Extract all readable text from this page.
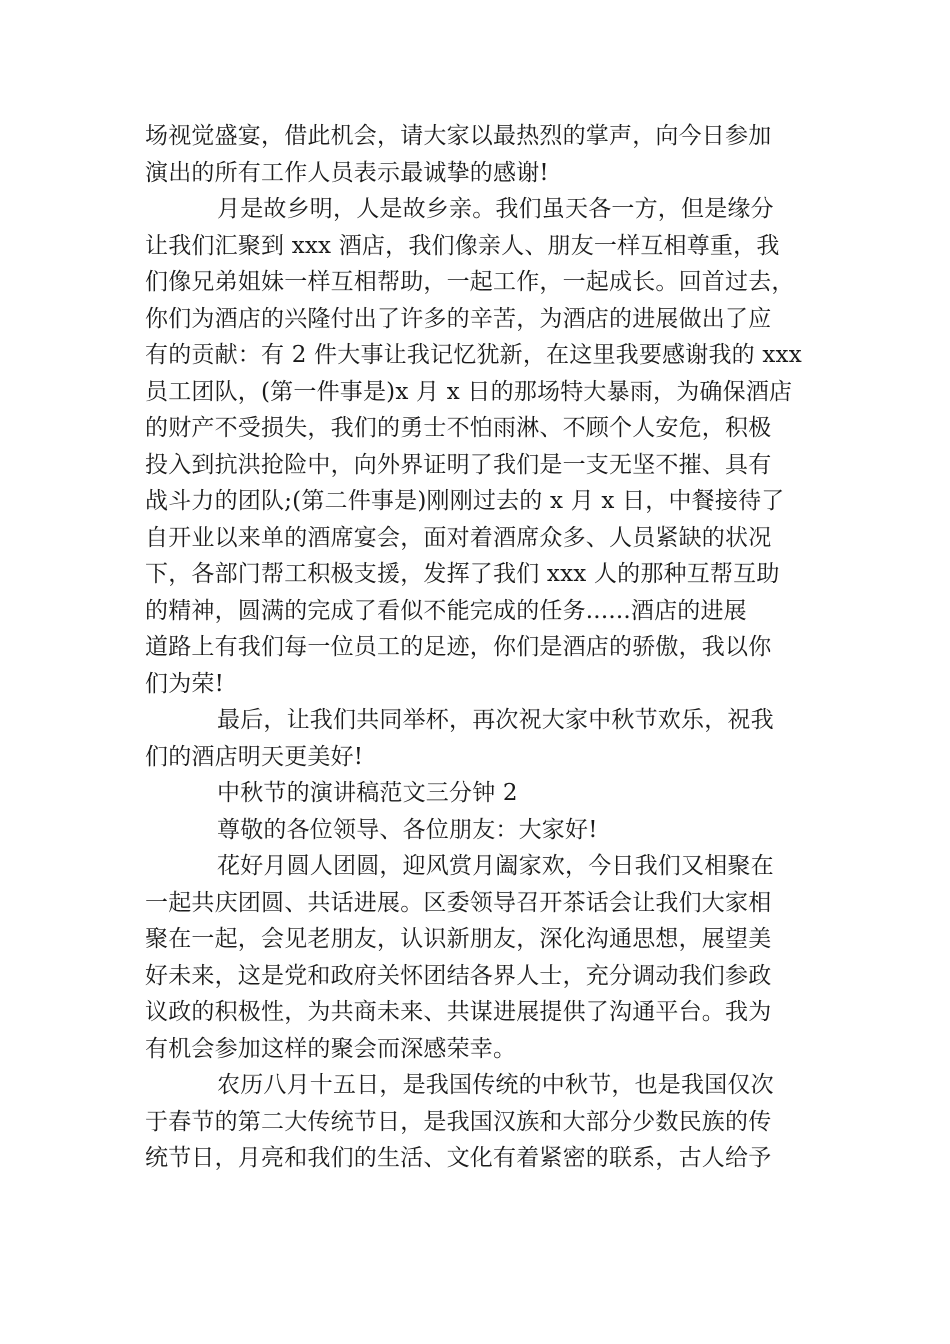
场视觉盛宴，借此机会，请大家以最热烈的掌声，向今日参加
演出的所有工作人员表示最诚挚的感谢!
月是故乡明，人是故乡亲。我们虽天各一方，但是缘分
让我们汇聚到 xxx 酒店，我们像亲人、朋友一样互相尊重，我
们像兄弟姐妹一样互相帮助，一起工作，一起成长。回首过去，
你们为酒店的兴隆付出了许多的辛苦，为酒店的进展做出了应
有的贡献：有 2 件大事让我记忆犹新，在这里我要感谢我的 xxx
员工团队，(第一件事是)x 月 x 日的那场特大暴雨，为确保酒店
的财产不受损失，我们的勇士不怕雨淋、不顾个人安危，积极
投入到抗洪抢险中，向外界证明了我们是一支无坚不摧、具有
战斗力的团队;(第二件事是)刚刚过去的 x 月 x 日，中餐接待了
自开业以来单的酒席宴会，面对着酒席众多、人员紧缺的状况
下，各部门帮工积极支援，发挥了我们 xxx 人的那种互帮互助
的精神，圆满的完成了看似不能完成的任务......酒店的进展
道路上有我们每一位员工的足迹，你们是酒店的骄傲，我以你
们为荣!
最后，让我们共同举杯，再次祝大家中秋节欢乐，祝我
们的酒店明天更美好!
中秋节的演讲稿范文三分钟 2
尊敬的各位领导、各位朋友：大家好!
花好月圆人团圆，迎风赏月阖家欢，今日我们又相聚在
一起共庆团圆、共话进展。区委领导召开茶话会让我们大家相
聚在一起，会见老朋友，认识新朋友，深化沟通思想，展望美
好未来，这是党和政府关怀团结各界人士，充分调动我们参政
议政的积极性，为共商未来、共谋进展提供了沟通平台。我为
有机会参加这样的聚会而深感荣幸。
农历八月十五日，是我国传统的中秋节，也是我国仅次
于春节的第二大传统节日，是我国汉族和大部分少数民族的传
统节日，月亮和我们的生活、文化有着紧密的联系，古人给予
